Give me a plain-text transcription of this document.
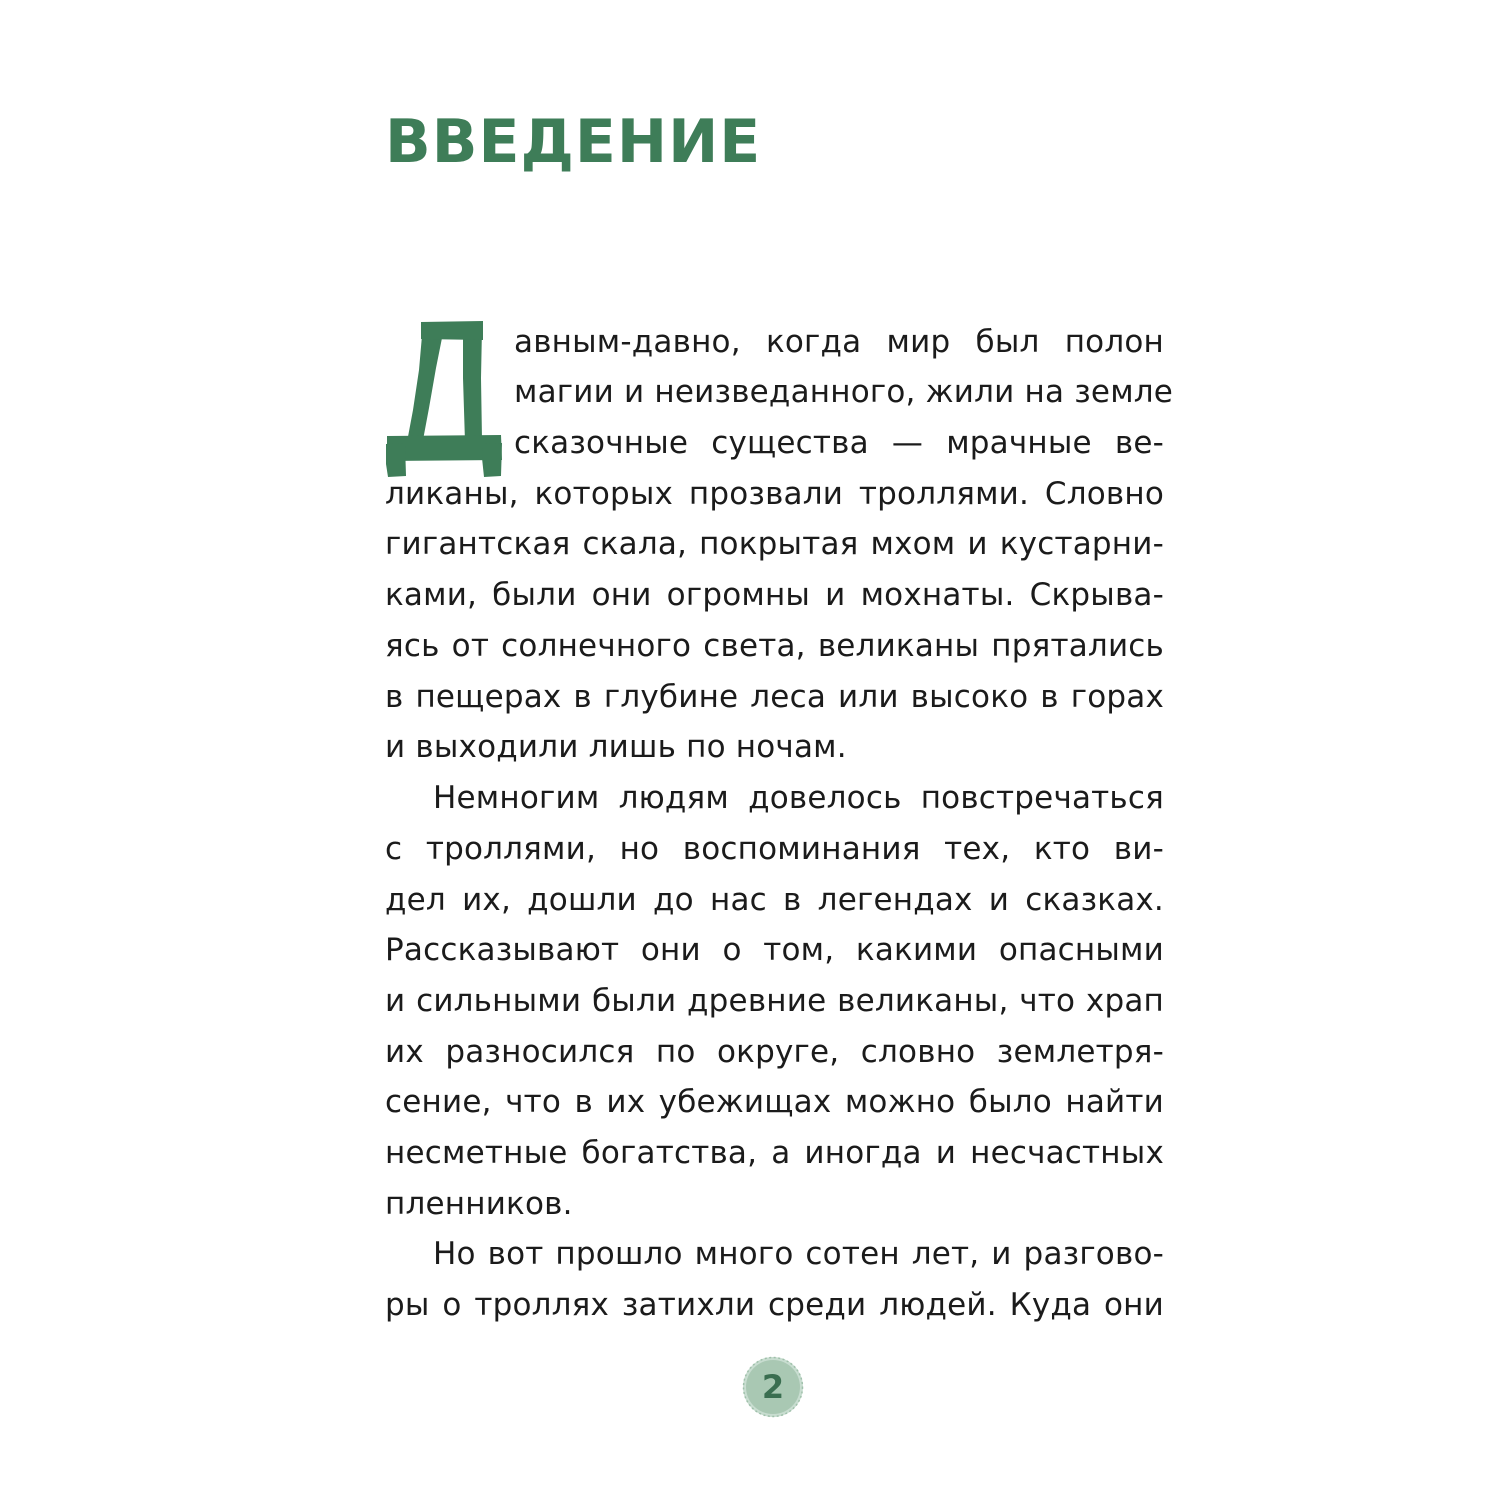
ВВЕДЕНИЕ
авным-давно, когда мир был полон
магии и неизведанного, жили на земле
сказочные существа — мрачные ве-
ликаны, которых прозвали троллями. Словно
гигантская скала, покрытая мхом и кустарни-
ками, были они огромны и мохнаты. Скрыва-
ясь от солнечного света, великаны прятались
в пещерах в глубине леса или высоко в горах
и выходили лишь по ночам.
Немногим людям довелось повстречаться
с троллями, но воспоминания тех, кто ви-
дел их, дошли до нас в легендах и сказках.
Рассказывают они о том, какими опасными
и сильными были древние великаны, что храп
их разносился по округе, словно землетря-
сение, что в их убежищах можно было найти
несметные богатства, а иногда и несчастных
пленников.
Но вот прошло много сотен лет, и разгово-
ры о троллях затихли среди людей. Куда они
2
